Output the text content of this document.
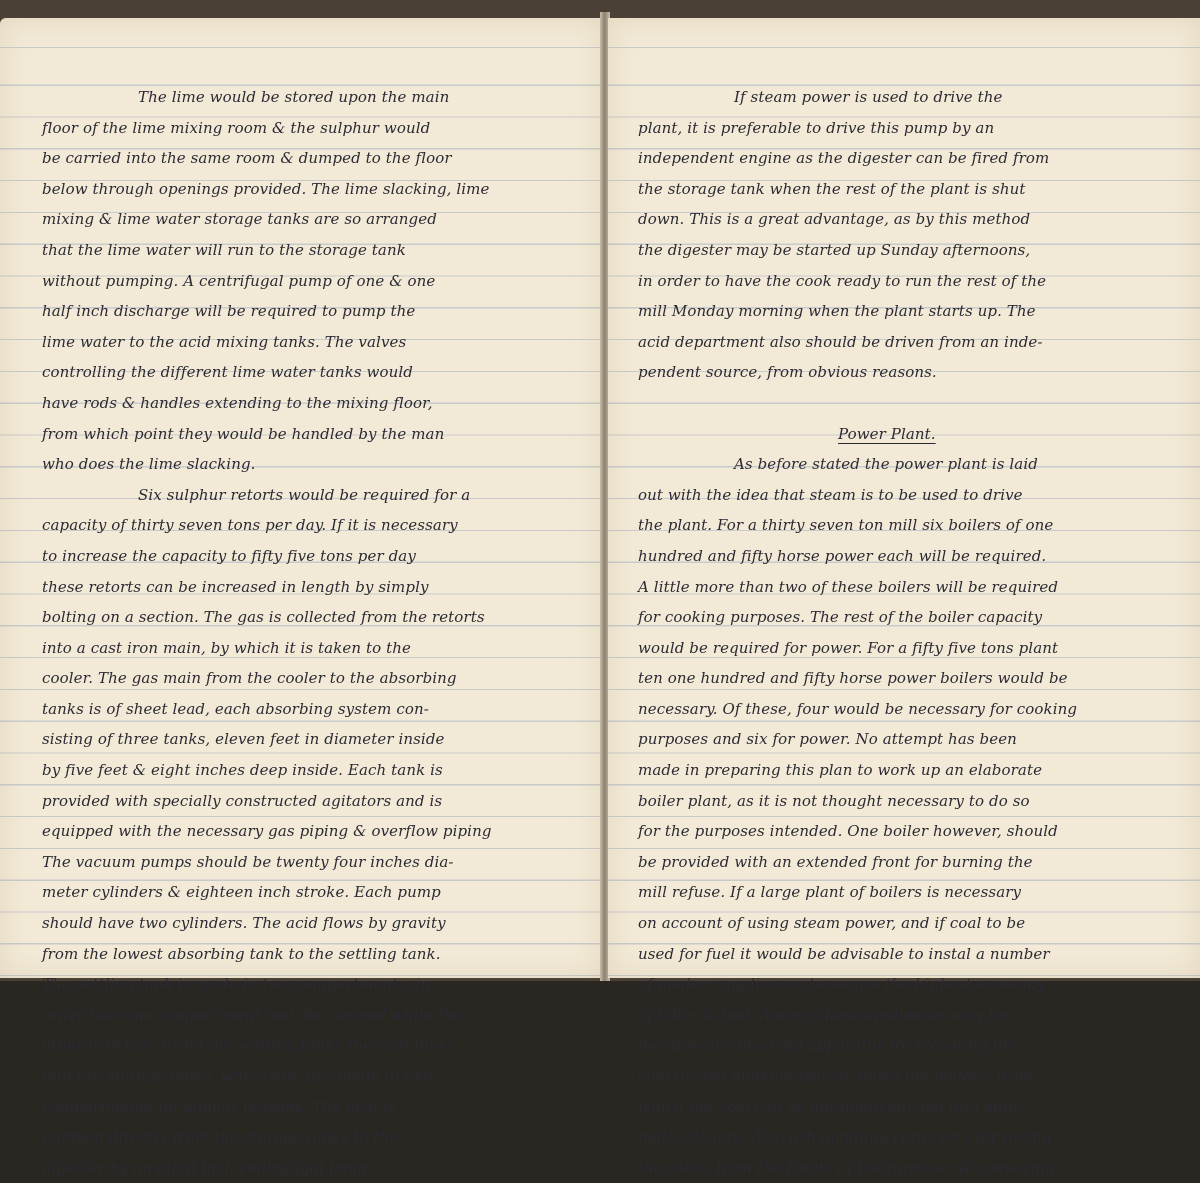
The lime would be stored upon the main
floor of the lime mixing room & the sulphur would
be carried into the same room & dumped to the floor
below through openings provided. The lime slacking, lime
mixing & lime water storage tanks are so arranged
that the lime water will run to the storage tank
without pumping. A centrifugal pump of one & one
half inch discharge will be required to pump the
lime water to the acid mixing tanks. The valves
controlling the different lime water tanks would
have rods & handles extending to the mixing floor,
from which point they would be handled by the man
who does the lime slacking.
Six sulphur retorts would be required for a
capacity of thirty seven tons per day. If it is necessary
to increase the capacity to fifty five tons per day
these retorts can be increased in length by simply
bolting on a section. The gas is collected from the retorts
into a cast iron main, by which it is taken to the
cooler. The gas main from the cooler to the absorbing
tanks is of sheet lead, each absorbing system con-
sisting of three tanks, eleven feet in diameter inside
by five feet & eight inches deep inside. Each tank is
provided with specially constructed agitators and is
equipped with the necessary gas piping & overflow piping
The vacuum pumps should be twenty four inches dia-
meter cylinders & eighteen inch stroke. Each pump
should have two cylinders. The acid flows by gravity
from the lowest absorbing tank to the settling tank.
The settling tank is made in two compartments, in
order that one compartment may be cleaned while the
other is in use. From the settling tanks the acid flows
into the storage tanks, which are also made in two
compartments for similar reasons. The acid is
pumped directly from the storage tanks to the
digester by an eight inch centrifugal pump.
If steam power is used to drive the
plant, it is preferable to drive this pump by an
independent engine as the digester can be fired from
the storage tank when the rest of the plant is shut
down. This is a great advantage, as by this method
the digester may be started up Sunday afternoons,
in order to have the cook ready to run the rest of the
mill Monday morning when the plant starts up. The
acid department also should be driven from an inde-
pendent source, from obvious reasons.
Power Plant.
As before stated the power plant is laid
out with the idea that steam is to be used to drive
the plant. For a thirty seven ton mill six boilers of one
hundred and fifty horse power each will be required.
A little more than two of these boilers will be required
for cooking purposes. The rest of the boiler capacity
would be required for power. For a fifty five tons plant
ten one hundred and fifty horse power boilers would be
necessary. Of these, four would be necessary for cooking
purposes and six for power. No attempt has been
made in preparing this plan to work up an elaborate
boiler plant, as it is not thought necessary to do so
for the purposes intended. One boiler however, should
be provided with an extended front for burning the
mill refuse. If a large plant of boilers is necessary
on account of using steam power, and if coal to be
used for fuel it would be advisable to instal a number
of modern appliances to secure the highest economy
of labor & fuel. Among these appliances may be
mentioned conveying apparatus for elevating the
coal to coal bunkers placed above the boilers, from
which the coal can be automatically fed into auto-
matic stokers. Also ash handling conveyers for taking
the ashes from the fronts of the furnaces & conveying
